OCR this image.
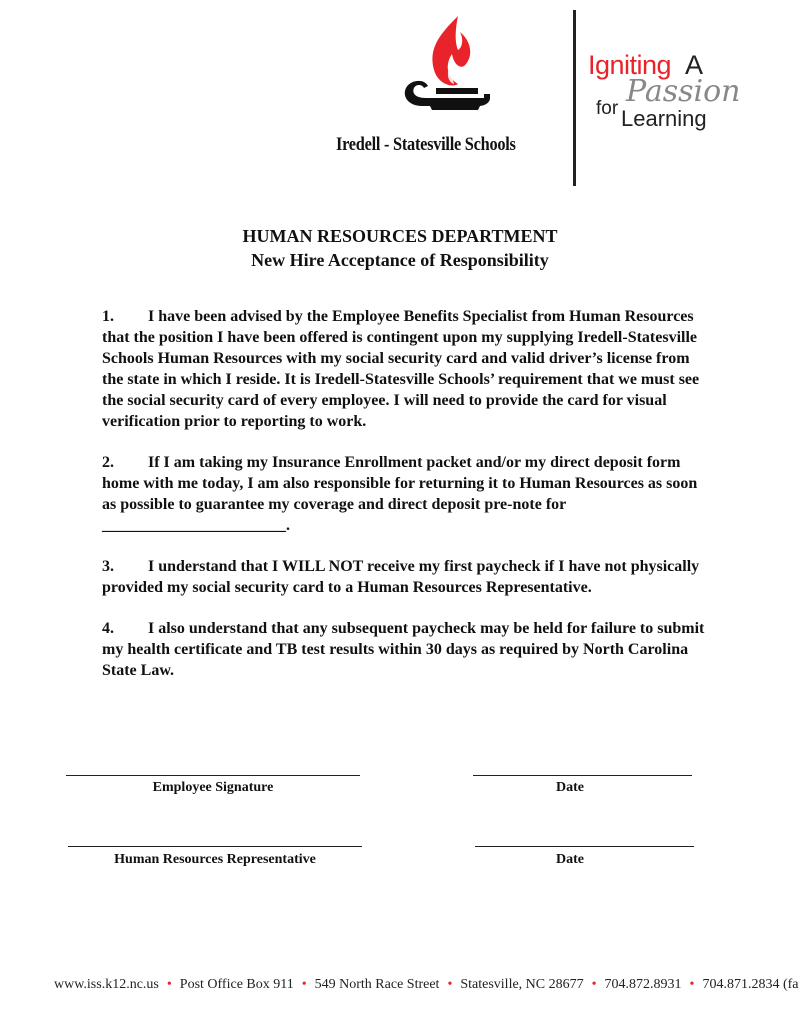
Iredell - Statesville Schools
Igniting A
Passion
for Learning
HUMAN RESOURCES DEPARTMENT
New Hire Acceptance of Responsibility

1. I have been advised by the Employee Benefits Specialist from Human Resources that the position I have been offered is contingent upon my supplying Iredell-Statesville Schools Human Resources with my social security card and valid driver’s license from the state in which I reside. It is Iredell-Statesville Schools’ requirement that we must see the social security card of every employee. I will need to provide the card for visual verification prior to reporting to work.

2. If I am taking my Insurance Enrollment packet and/or my direct deposit form home with me today, I am also responsible for returning it to Human Resources as soon as possible to guarantee my coverage and direct deposit pre-note for _______________________.

3. I understand that I WILL NOT receive my first paycheck if I have not physically provided my social security card to a Human Resources Representative.

4. I also understand that any subsequent paycheck may be held for failure to submit my health certificate and TB test results within 30 days as required by North Carolina State Law.

Employee Signature	Date
Human Resources Representative	Date
www.iss.k12.nc.us • Post Office Box 911 • 549 North Race Street • Statesville, NC 28677 • 704.872.8931 • 704.871.2834 (fa
